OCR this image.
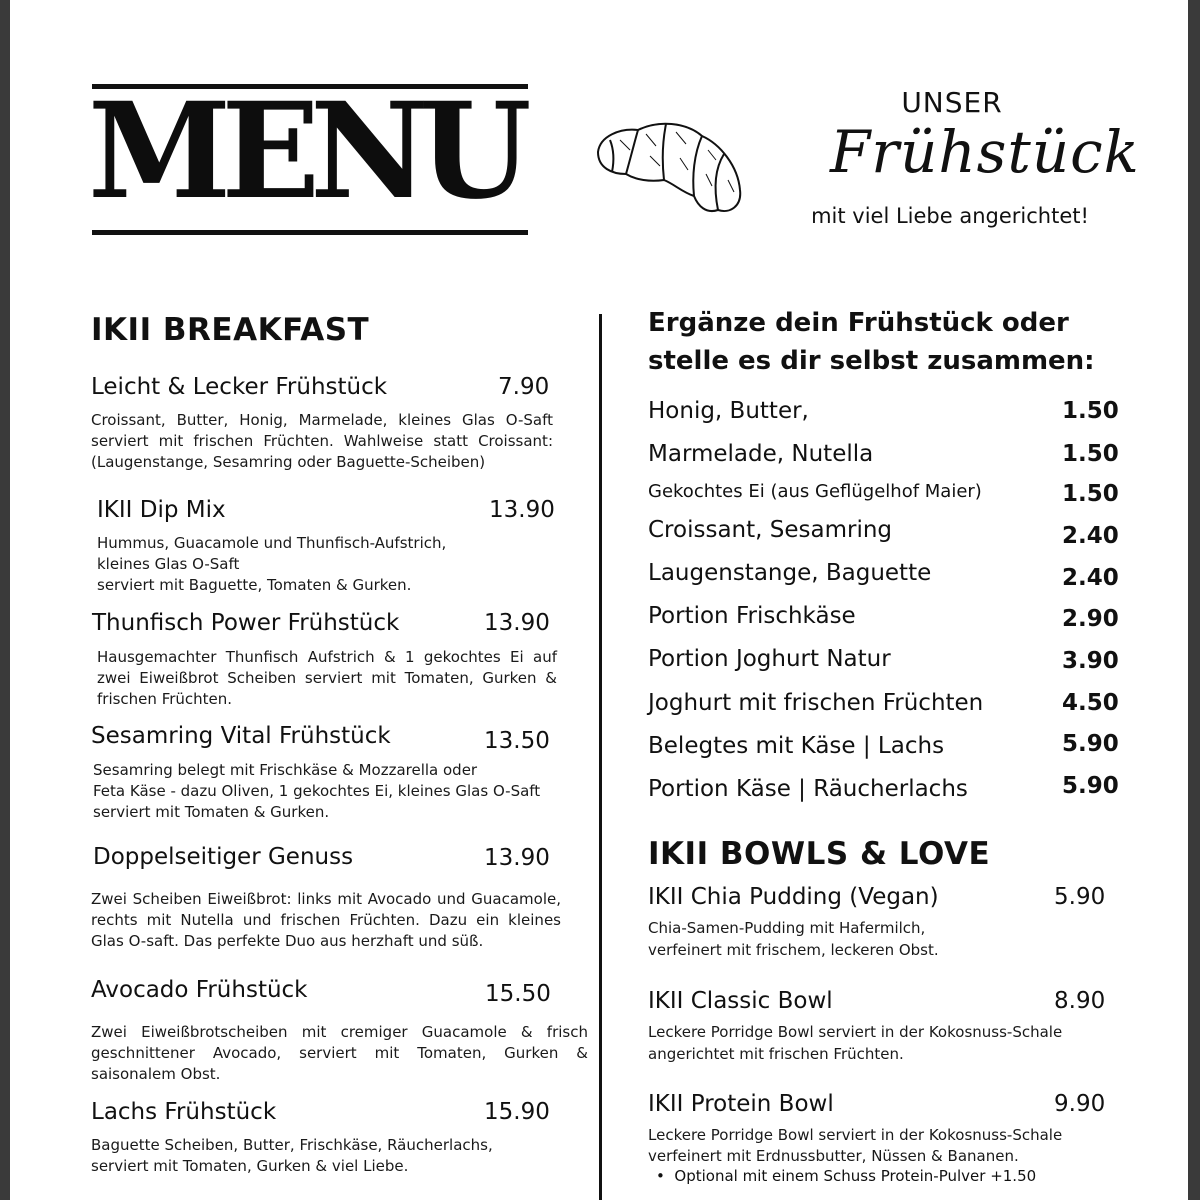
MENU	UNSER
Frühstück
mit viel Liebe angerichtet!
IKII BREAKFAST
Leicht & Lecker Frühstück	7.90
Croissant, Butter, Honig, Marmelade, kleines Glas O-Saft serviert mit frischen Früchten. Wahlweise statt Croissant: (Laugenstange, Sesamring oder Baguette-Scheiben)
IKII Dip Mix	13.90
Hummus, Guacamole und Thunfisch-Aufstrich,
kleines Glas O-Saft
serviert mit Baguette, Tomaten & Gurken.
Thunfisch Power Frühstück	13.90
Hausgemachter Thunfisch Aufstrich & 1 gekochtes Ei auf zwei Eiweißbrot Scheiben serviert mit Tomaten, Gurken & frischen Früchten.
Sesamring Vital Frühstück	13.50
Sesamring belegt mit Frischkäse & Mozzarella oder
Feta Käse - dazu Oliven, 1 gekochtes Ei, kleines Glas O-Saft
serviert mit Tomaten & Gurken.
Doppelseitiger Genuss	13.90
Zwei Scheiben Eiweißbrot: links mit Avocado und Guacamole, rechts mit Nutella und frischen Früchten. Dazu ein kleines Glas O-saft. Das perfekte Duo aus herzhaft und süß.
Avocado Frühstück	15.50
Zwei Eiweißbrotscheiben mit cremiger Guacamole & frisch geschnittener Avocado, serviert mit Tomaten, Gurken & saisonalem Obst.
Lachs Frühstück	15.90
Baguette Scheiben, Butter, Frischkäse, Räucherlachs,
serviert mit Tomaten, Gurken & viel Liebe.
Ergänze dein Frühstück oder stelle es dir selbst zusammen:
Honig, Butter,	1.50
Marmelade, Nutella	1.50
Gekochtes Ei (aus Geflügelhof Maier)	1.50
Croissant, Sesamring	2.40
Laugenstange, Baguette	2.40
Portion Frischkäse	2.90
Portion Joghurt Natur	3.90
Joghurt mit frischen Früchten	4.50
Belegtes mit Käse | Lachs	5.90
Portion Käse | Räucherlachs	5.90
IKII BOWLS & LOVE
IKII Chia Pudding (Vegan)	5.90
Chia-Samen-Pudding mit Hafermilch,
verfeinert mit frischem, leckeren Obst.
IKII Classic Bowl	8.90
Leckere Porridge Bowl serviert in der Kokosnuss-Schale
angerichtet mit frischen Früchten.
IKII Protein Bowl	9.90
Leckere Porridge Bowl serviert in der Kokosnuss-Schale
verfeinert mit Erdnussbutter, Nüssen & Bananen.
•  Optional mit einem Schuss Protein-Pulver +1.50
